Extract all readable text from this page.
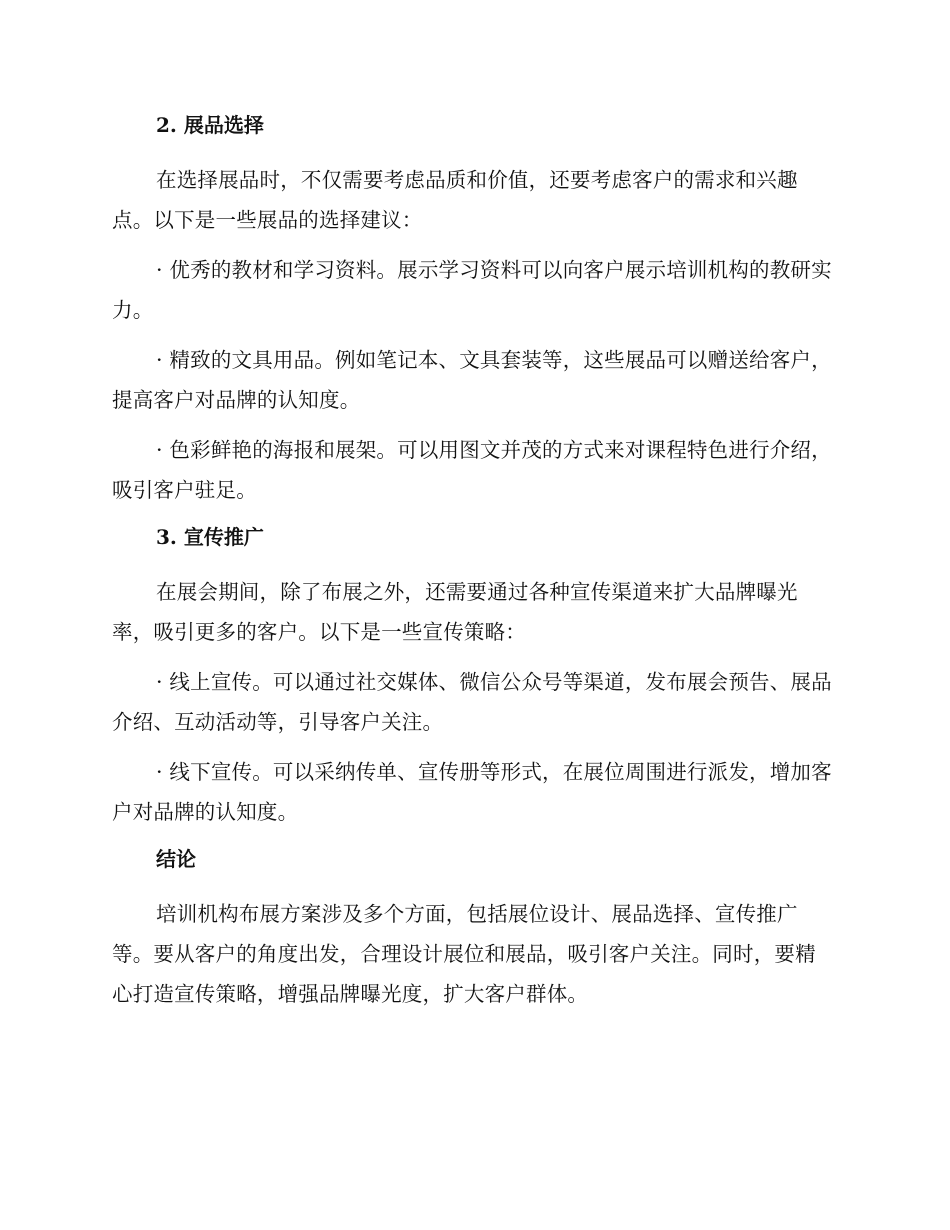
2. 展品选择

在选择展品时，不仅需要考虑品质和价值，还要考虑客户的需求和兴趣点。以下是一些展品的选择建议：

· 优秀的教材和学习资料。展示学习资料可以向客户展示培训机构的教研实力。

· 精致的文具用品。例如笔记本、文具套装等，这些展品可以赠送给客户，提高客户对品牌的认知度。

· 色彩鲜艳的海报和展架。可以用图文并茂的方式来对课程特色进行介绍，吸引客户驻足。

3. 宣传推广

在展会期间，除了布展之外，还需要通过各种宣传渠道来扩大品牌曝光率，吸引更多的客户。以下是一些宣传策略：

· 线上宣传。可以通过社交媒体、微信公众号等渠道，发布展会预告、展品介绍、互动活动等，引导客户关注。

· 线下宣传。可以采纳传单、宣传册等形式，在展位周围进行派发，增加客户对品牌的认知度。

结论

培训机构布展方案涉及多个方面，包括展位设计、展品选择、宣传推广等。要从客户的角度出发，合理设计展位和展品，吸引客户关注。同时，要精心打造宣传策略，增强品牌曝光度，扩大客户群体。
